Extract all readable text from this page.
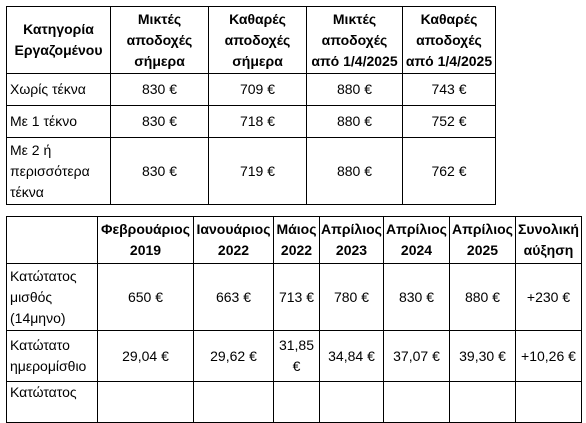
Κατηγορία Εργαζομένου	Μικτές αποδοχές σήμερα	Καθαρές αποδοχές σήμερα	Μικτές αποδοχές από 1/4/2025	Καθαρές αποδοχές από 1/4/2025
Χωρίς τέκνα	830 €	709 €	880 €	743 €
Με 1 τέκνο	830 €	718 €	880 €	752 €
Με 2 ή περισσότερα τέκνα	830 €	719 €	880 €	762 €
	Φεβρουάριος 2019	Ιανουάριος 2022	Μάιος 2022	Απρίλιος 2023	Απρίλιος 2024	Απρίλιος 2025	Συνολική αύξηση
Κατώτατος μισθός (14μηνο)	650 €	663 €	713 €	780 €	830 €	880 €	+230 €
Κατώτατο ημερομίσθιο	29,04 €	29,62 €	31,85 €	34,84 €	37,07 €	39,30 €	+10,26 €
Κατώτατος							
